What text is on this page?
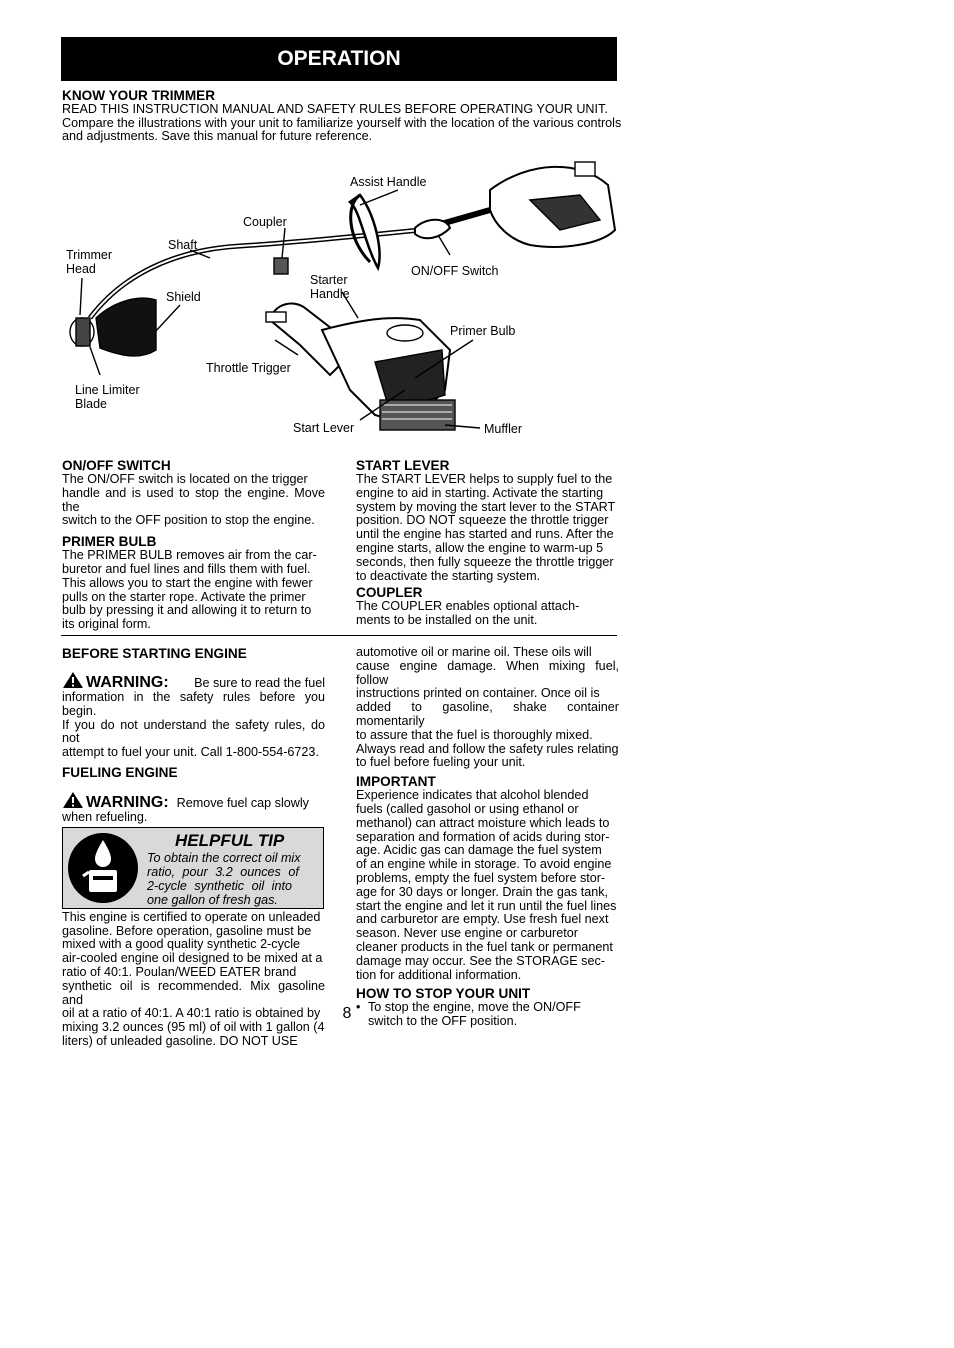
OPERATION

KNOW YOUR TRIMMER

READ THIS INSTRUCTION MANUAL AND SAFETY RULES BEFORE OPERATING YOUR UNIT.

Compare the illustrations with your unit to familiarize yourself with the location of the various controls

and adjustments. Save this manual for future reference.

Assist Handle
Coupler
Shaft
Trimmer
Head
Shield
Starter
Handle
ON/OFF Switch
Primer Bulb
Throttle Trigger
Line Limiter
Blade
Start Lever	Muffler

ON/OFF SWITCH

The ON/OFF switch is located on the trigger

handle and is used to stop the engine. Move the

switch to the OFF position to stop the engine.

PRIMER BULB

The PRIMER BULB removes air from the car-

buretor and fuel lines and fills them with fuel.

This allows you to start the engine with fewer

pulls on the starter rope. Activate the primer

bulb by pressing it and allowing it to return to

its original form.

START LEVER

The START LEVER helps to supply fuel to the

engine to aid in starting. Activate the starting

system by moving the start lever to the START

position. DO NOT squeeze the throttle trigger

until the engine has started and runs. After the

engine starts, allow the engine to warm-up 5

seconds, then fully squeeze the throttle trigger

to deactivate the starting system.

COUPLER

The COUPLER enables optional attach-

ments to be installed on the unit.

BEFORE STARTING ENGINE

WARNING: Be sure to read the fuel

information in the safety rules before you begin.

If you do not understand the safety rules, do not

attempt to fuel your unit. Call 1-800-554-6723.

FUELING ENGINE

WARNING: Remove fuel cap slowly

when refueling.

HELPFUL TIP
To obtain the correct oil mix
ratio, pour 3.2 ounces of
2-cycle synthetic oil into
one gallon of fresh gas.

This engine is certified to operate on unleaded

gasoline. Before operation, gasoline must be

mixed with a good quality synthetic 2-cycle

air-cooled engine oil designed to be mixed at a

ratio of 40:1. Poulan/WEED EATER brand

synthetic oil is recommended. Mix gasoline and

oil at a ratio of 40:1. A 40:1 ratio is obtained by

mixing 3.2 ounces (95 ml) of oil with 1 gallon (4

liters) of unleaded gasoline. DO NOT USE

automotive oil or marine oil. These oils will

cause engine damage. When mixing fuel, follow

instructions printed on container. Once oil is

added to gasoline, shake container momentarily

to assure that the fuel is thoroughly mixed.

Always read and follow the safety rules relating

to fuel before fueling your unit.

IMPORTANT

Experience indicates that alcohol blended

fuels (called gasohol or using ethanol or

methanol) can attract moisture which leads to

separation and formation of acids during stor-

age. Acidic gas can damage the fuel system

of an engine while in storage. To avoid engine

problems, empty the fuel system before stor-

age for 30 days or longer. Drain the gas tank,

start the engine and let it run until the fuel lines

and carburetor are empty. Use fresh fuel next

season. Never use engine or carburetor

cleaner products in the fuel tank or permanent

damage may occur. See the STORAGE sec-

tion for additional information.

HOW TO STOP YOUR UNIT

• To stop the engine, move the ON/OFF

switch to the OFF position.

8
